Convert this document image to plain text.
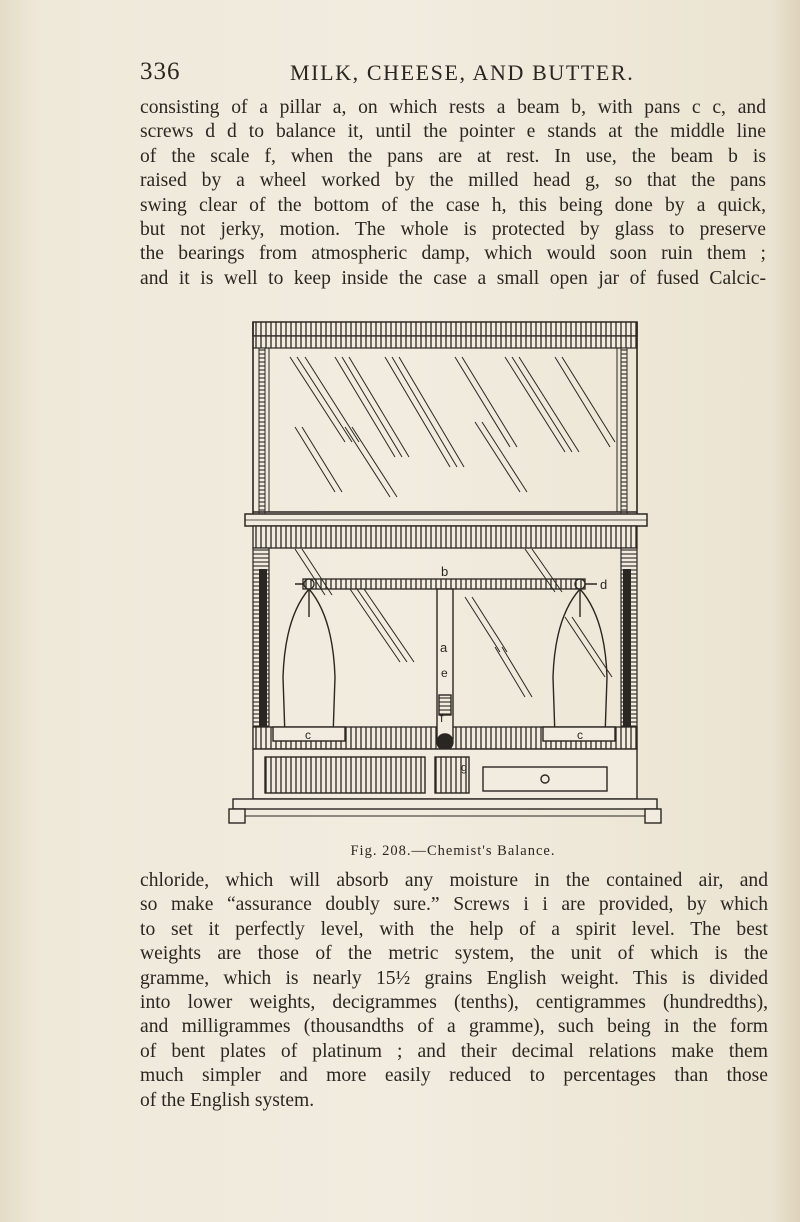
336	MILK, CHEESE, AND BUTTER.
consisting of a pillar a, on which rests a beam b, with pans c c, and
screws d d to balance it, until the pointer e stands at the middle line
of the scale f, when the pans are at rest. In use, the beam b is
raised by a wheel worked by the milled head g, so that the pans
swing clear of the bottom of the case h, this being done by a quick,
but not jerky, motion. The whole is protected by glass to preserve
the bearings from atmospheric damp, which would soon ruin them ;
and it is well to keep inside the case a small open jar of fused Calcic-
b
d
a
e
f
c	c
g
Fig. 208.—Chemist's Balance.
chloride, which will absorb any moisture in the contained air, and
so make “assurance doubly sure.” Screws i i are provided, by which
to set it perfectly level, with the help of a spirit level. The best
weights are those of the metric system, the unit of which is the
gramme, which is nearly 15½ grains English weight. This is divided
into lower weights, decigrammes (tenths), centigrammes (hundredths),
and milligrammes (thousandths of a gramme), such being in the form
of bent plates of platinum ; and their decimal relations make them
much simpler and more easily reduced to percentages than those
of the English system.
